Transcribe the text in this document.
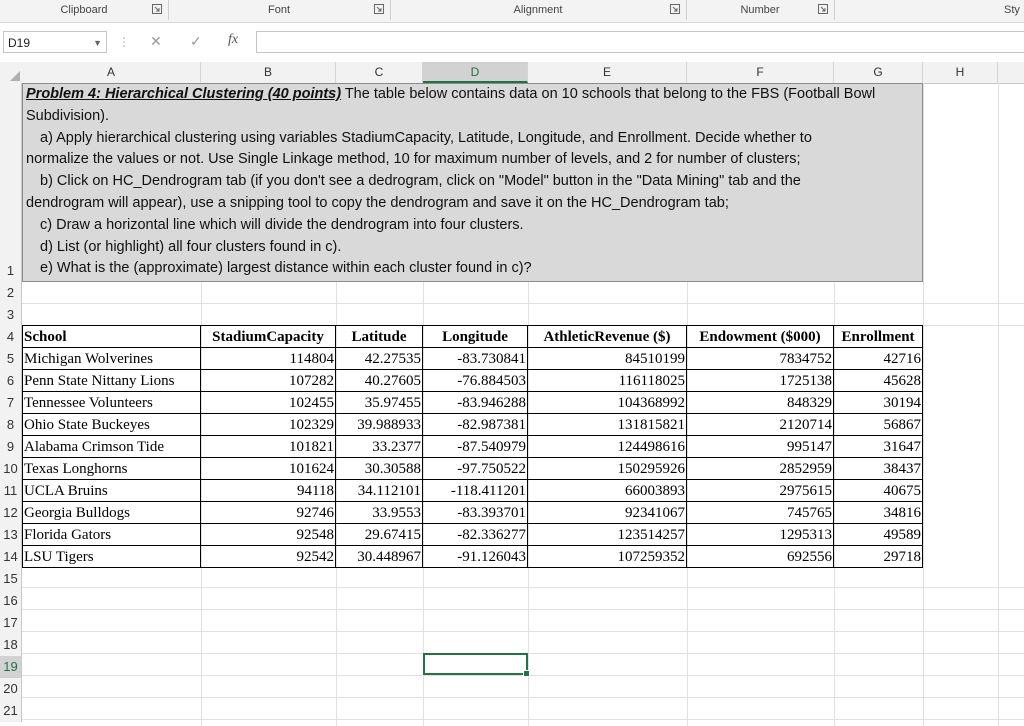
Clipboard	Font	Alignment	Number	Sty
D19	▼ ⋮ ✕ ✓ fx
A	B	C	D	E	F	G	H
1
2
3
4
5
6
7
8
9
10
11
12
13
14
15
16
17
18
19
20
21
Problem 4: Hierarchical Clustering (40 points) The table below contains data on 10 schools that belong to the FBS (Football Bowl
Subdivision).
a) Apply hierarchical clustering using variables StadiumCapacity, Latitude, Longitude, and Enrollment. Decide whether to
normalize the values or not. Use Single Linkage method, 10 for maximum number of levels, and 2 for number of clusters;
b) Click on HC_Dendrogram tab (if you don't see a dedrogram, click on "Model" button in the "Data Mining" tab and the
dendrogram will appear), use a snipping tool to copy the dendrogram and save it on the HC_Dendrogram tab;
c) Draw a horizontal line which will divide the dendrogram into four clusters.
d) List (or highlight) all four clusters found in c).
e) What is the (approximate) largest distance within each cluster found in c)?
School	StadiumCapacity	Latitude	Longitude	AthleticRevenue ($)	Endowment ($000)	Enrollment
Michigan Wolverines	114804	42.27535	-83.730841	84510199	7834752	42716
Penn State Nittany Lions	107282	40.27605	-76.884503	116118025	1725138	45628
Tennessee Volunteers	102455	35.97455	-83.946288	104368992	848329	30194
Ohio State Buckeyes	102329	39.988933	-82.987381	131815821	2120714	56867
Alabama Crimson Tide	101821	33.2377	-87.540979	124498616	995147	31647
Texas Longhorns	101624	30.30588	-97.750522	150295926	2852959	38437
UCLA Bruins	94118	34.112101	-118.411201	66003893	2975615	40675
Georgia Bulldogs	92746	33.9553	-83.393701	92341067	745765	34816
Florida Gators	92548	29.67415	-82.336277	123514257	1295313	49589
LSU Tigers	92542	30.448967	-91.126043	107259352	692556	29718
